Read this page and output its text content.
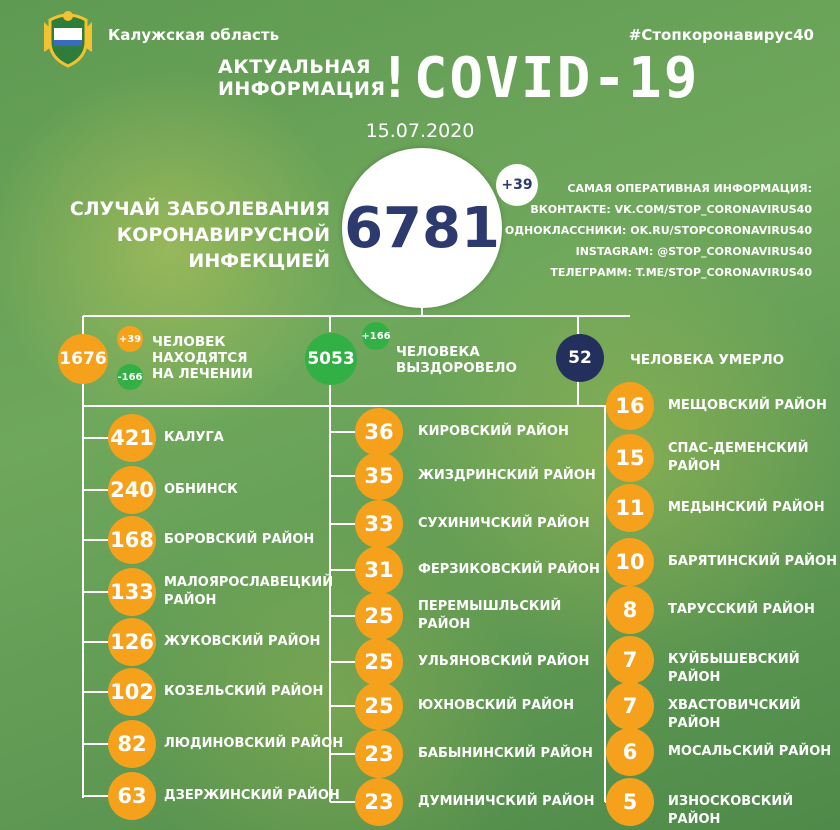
Калужская область	#Стопкоронавирус40
АКТУАЛЬНАЯ
ИНФОРМАЦИЯ
!COVID-19
15.07.2020
СЛУЧАЙ ЗАБОЛЕВАНИЯ
КОРОНАВИРУСНОЙ ИНФЕКЦИЕЙ
6781
+39	САМАЯ ОПЕРАТИВНАЯ ИНФОРМАЦИЯ:
ВКОНТАКТЕ: VK.COM/STOP_CORONAVIRUS40
ОДНОКЛАССНИКИ: OK.RU/STOPCORONAVIRUS40
INSTAGRAM: @STOP_CORONAVIRUS40
ТЕЛЕГРАММ: T.ME/STOP_CORONAVIRUS40
1676
+39
-166
ЧЕЛОВЕК
НАХОДЯТСЯ
НА ЛЕЧЕНИИ
5053
+166
ЧЕЛОВЕКА
ВЫЗДОРОВЕЛО	52	ЧЕЛОВЕКА УМЕРЛО
421 КАЛУГА
240 ОБНИНСК
168 БОРОВСКИЙ РАЙОН
133 МАЛОЯРОСЛАВЕЦКИЙ
РАЙОН
126 ЖУКОВСКИЙ РАЙОН
102 КОЗЕЛЬСКИЙ РАЙОН
82	ЛЮДИНОВСКИЙ РАЙОН
63	ДЗЕРЖИНСКИЙ РАЙОН
36	КИРОВСКИЙ РАЙОН
35	ЖИЗДРИНСКИЙ РАЙОН
33	СУХИНИЧСКИЙ РАЙОН
31	ФЕРЗИКОВСКИЙ РАЙОН
25	ПЕРЕМЫШЛЬСКИЙ
РАЙОН
25	УЛЬЯНОВСКИЙ РАЙОН
25	ЮХНОВСКИЙ РАЙОН
23	БАБЫНИНСКИЙ РАЙОН
23	ДУМИНИЧСКИЙ РАЙОН
16	МЕЩОВСКИЙ РАЙОН
15	СПАС-ДЕМЕНСКИЙ
РАЙОН
11	МЕДЫНСКИЙ РАЙОН
10	БАРЯТИНСКИЙ РАЙОН
8	ТАРУССКИЙ РАЙОН
7	КУЙБЫШЕВСКИЙ РАЙОН
7	ХВАСТОВИЧСКИЙ РАЙОН
6	МОСАЛЬСКИЙ РАЙОН
5	ИЗНОСКОВСКИЙ РАЙОН
